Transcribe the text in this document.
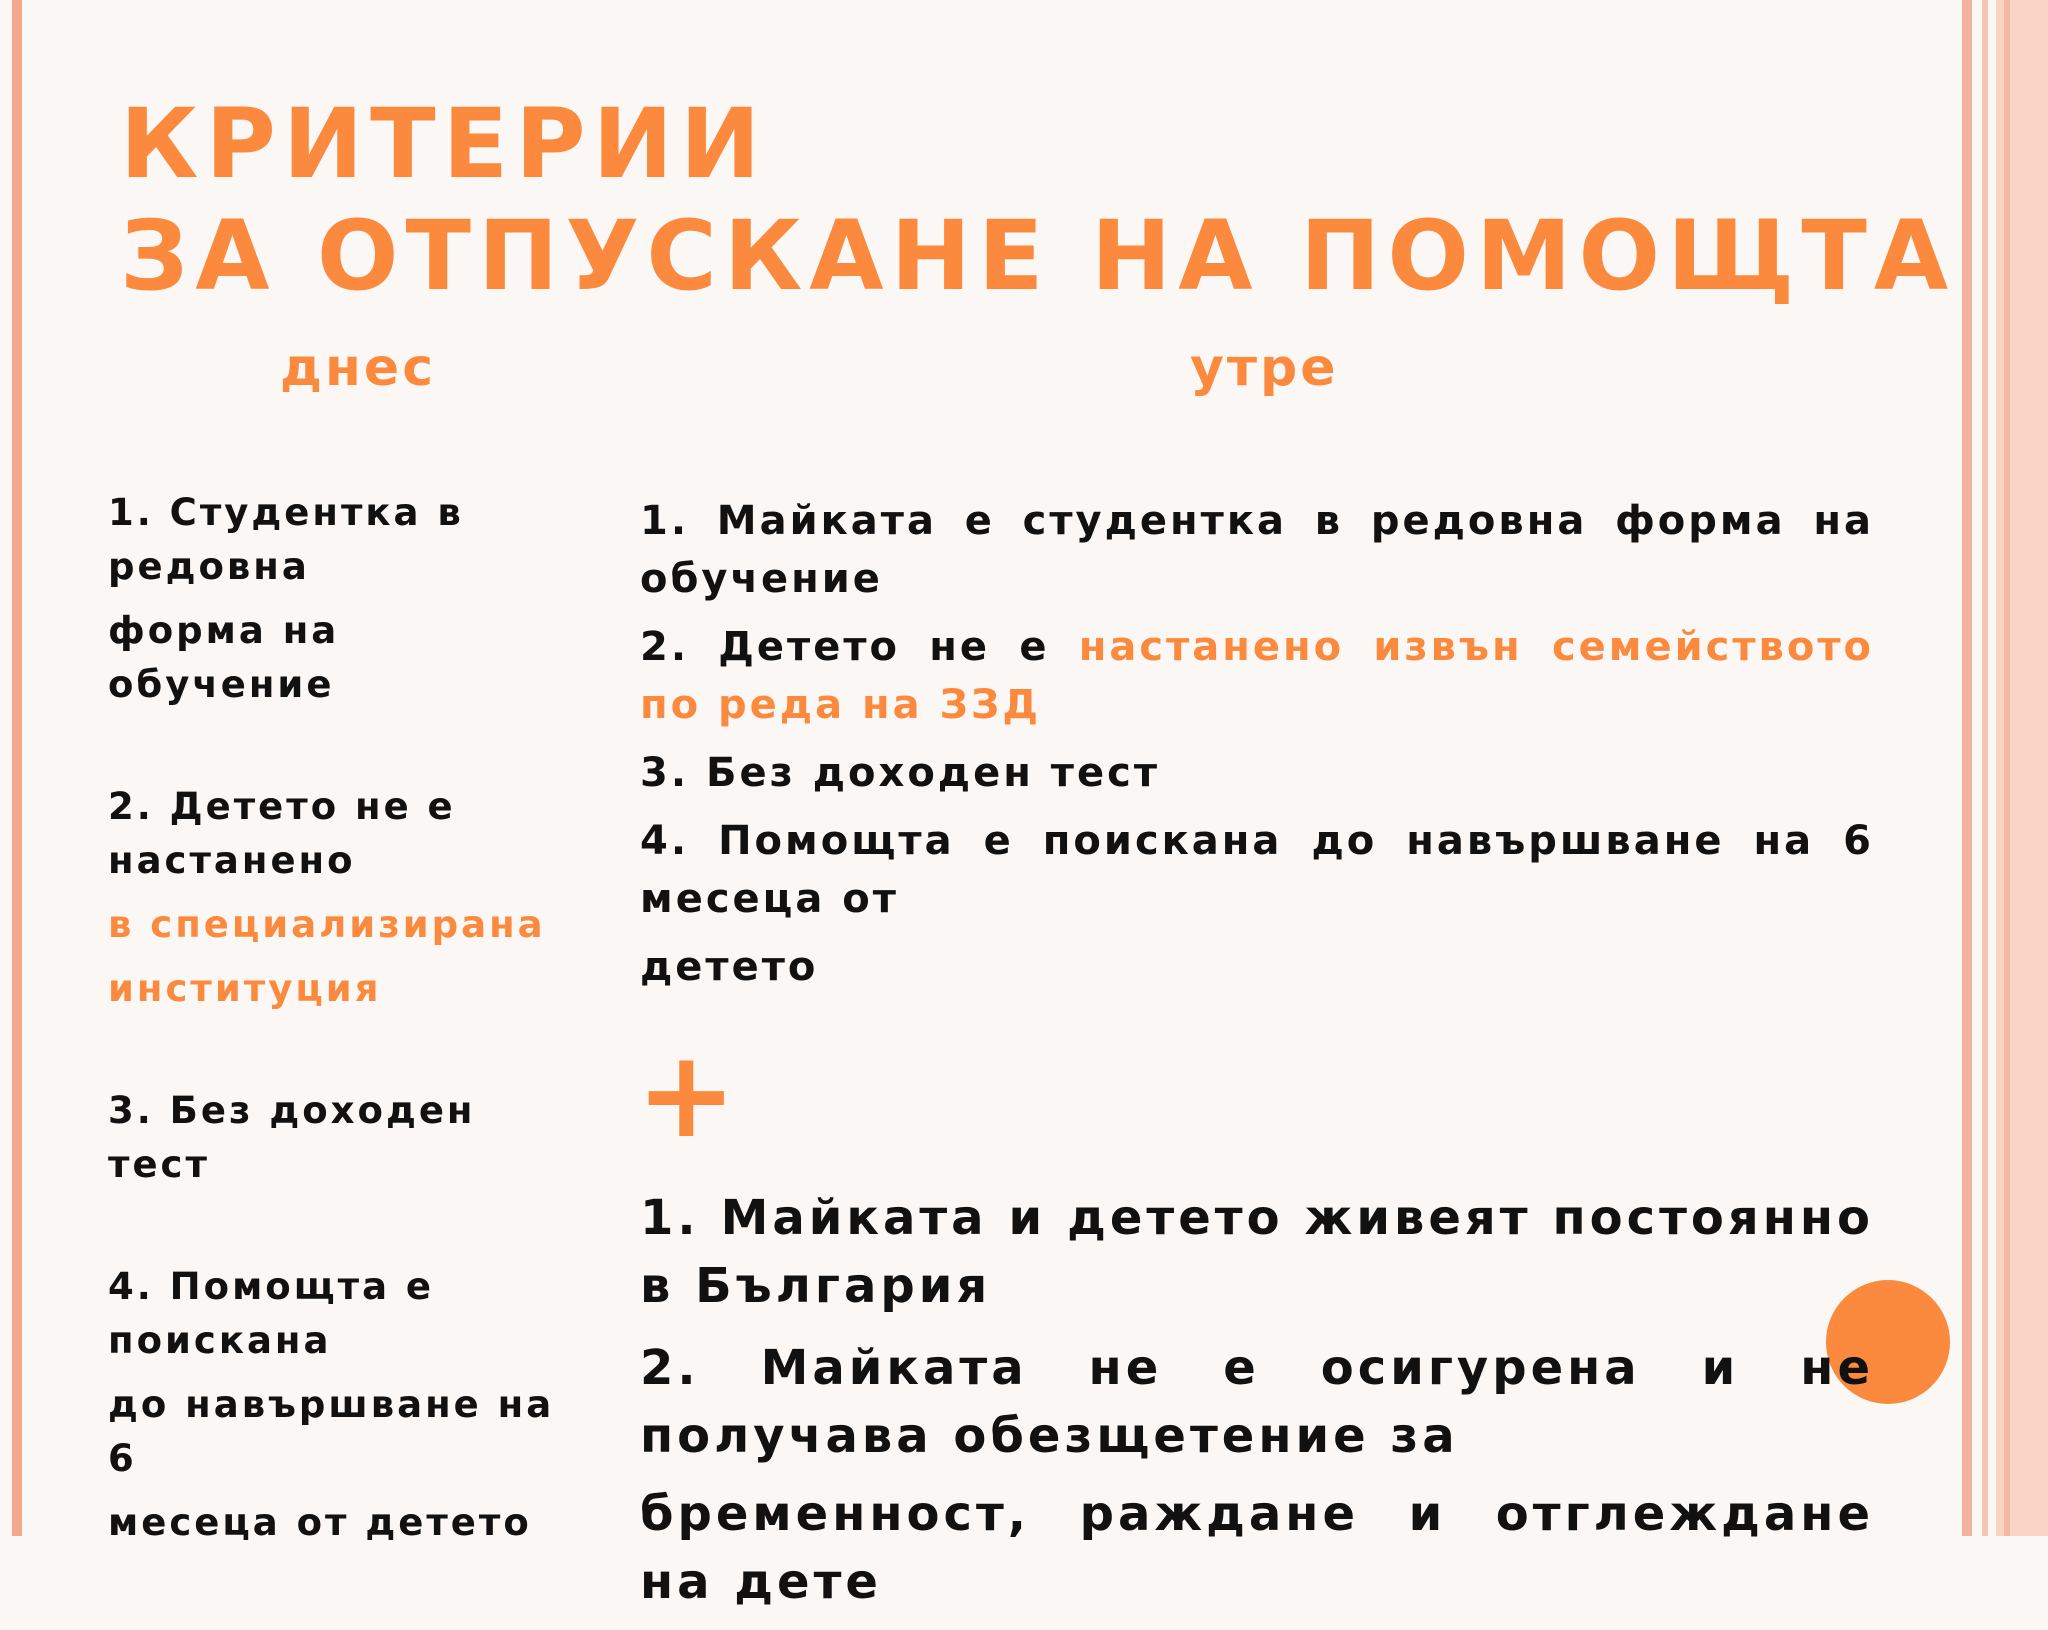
КРИТЕРИИ
ЗА ОТПУСКАНЕ НА ПОМОЩТА
днес	утре
1. Студентка в
редовна
форма на обучение
2. Детето не е
настанено
в специализирана
институция
3. Без доходен тест
4. Помощта е
поискана
до навършване на 6
месеца от детето
1. Майката е студентка в редовна форма на обучение
2. Детето не е настанено извън семейството по реда на ЗЗД
3. Без доходен тест
4. Помощта е поискана до навършване на 6 месеца от
детето
+
1. Майката и детето живеят постоянно в България
2. Майката не е осигурена и не получава обезщетение за
бременност, раждане и отглеждане на дете
